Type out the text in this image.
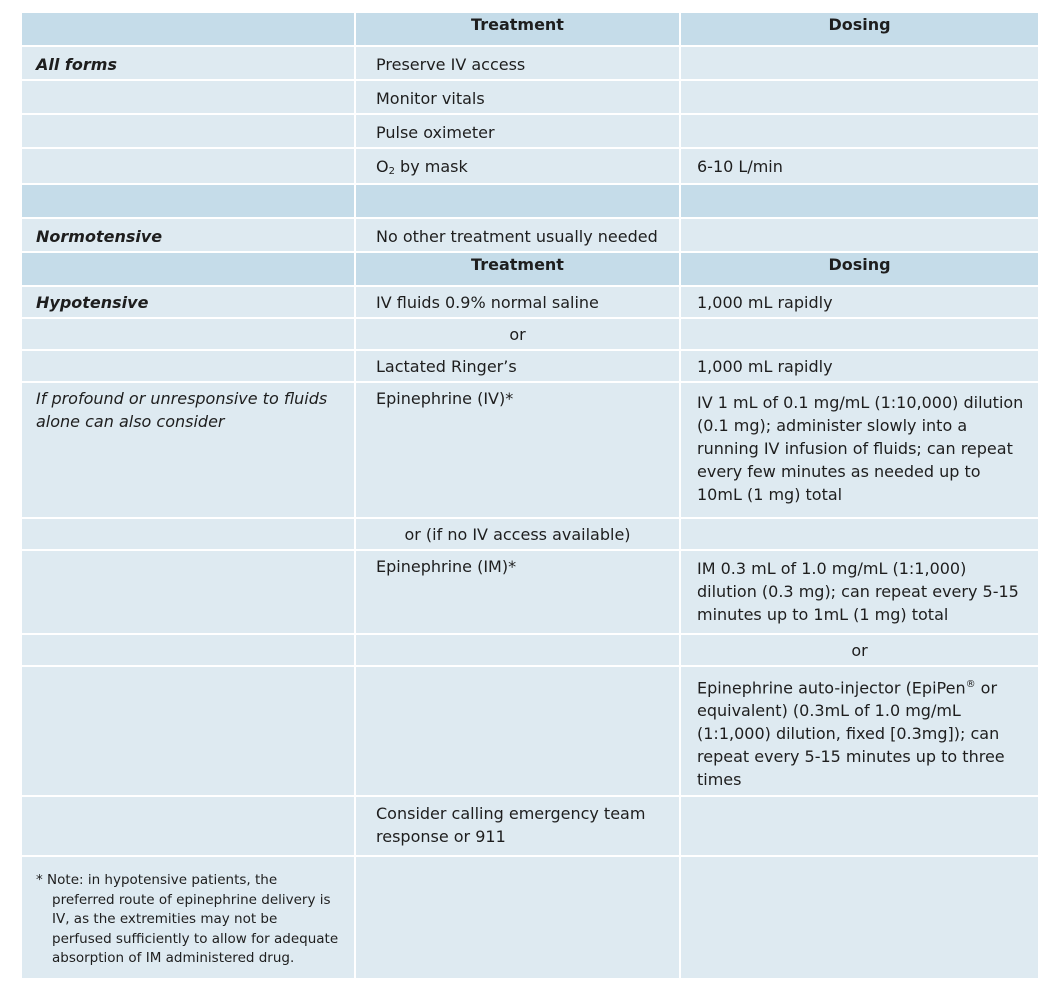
	Treatment	Dosing

All forms	Preserve IV access	

	Monitor vitals	

	Pulse oximeter	

	$O_2$ by mask	6-10 L/min

Normotensive	No other treatment usually needed	

	Treatment	Dosing

Hypotensive	IV fluids 0.9% normal saline	1,000 mL rapidly

	or	

	Lactated Ringer’s	1,000 mL rapidly

If profound or unresponsive to fluids alone can also consider	Epinephrine (IV)*	IV 1 mL of 0.1 mg/mL (1:10,000) dilution (0.1 mg); administer slowly into a running IV infusion of fluids; can repeat every few minutes as needed up to 10mL (1 mg) total

	or (if no IV access available)	

	Epinephrine (IM)*	IM 0.3 mL of 1.0 mg/mL (1:1,000) dilution (0.3 mg); can repeat every 5-15 minutes up to 1mL (1 mg) total

		or

		Epinephrine auto-injector (EpiPen® or equivalent) (0.3mL of 1.0 mg/mL (1:1,000) dilution, fixed [0.3mg]); can repeat every 5-15 minutes up to three times

	Consider calling emergency team response or 911	

* Note: in hypotensive patients, the preferred route of epinephrine delivery is IV, as the extremities may not be perfused sufficiently to allow for adequate absorption of IM administered drug.		
